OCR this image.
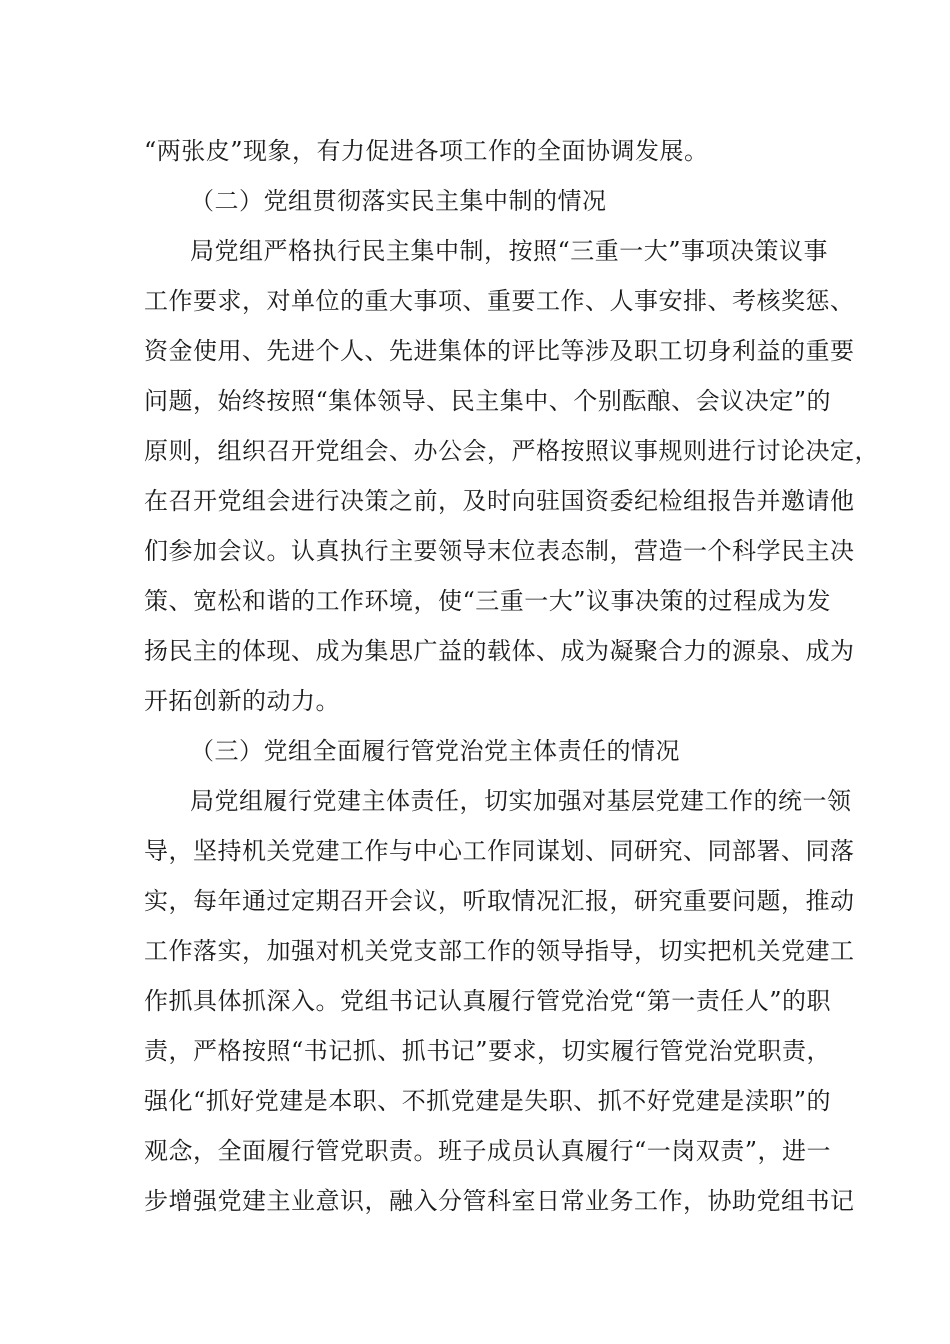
“两张皮”现象，有力促进各项工作的全面协调发展。
（二）党组贯彻落实民主集中制的情况
局党组严格执行民主集中制，按照“三重一大”事项决策议事
工作要求，对单位的重大事项、重要工作、人事安排、考核奖惩、
资金使用、先进个人、先进集体的评比等涉及职工切身利益的重要
问题，始终按照“集体领导、民主集中、个别酝酿、会议决定”的
原则，组织召开党组会、办公会，严格按照议事规则进行讨论决定，
在召开党组会进行决策之前，及时向驻国资委纪检组报告并邀请他
们参加会议。认真执行主要领导末位表态制，营造一个科学民主决
策、宽松和谐的工作环境，使“三重一大”议事决策的过程成为发
扬民主的体现、成为集思广益的载体、成为凝聚合力的源泉、成为
开拓创新的动力。
（三）党组全面履行管党治党主体责任的情况
局党组履行党建主体责任，切实加强对基层党建工作的统一领
导，坚持机关党建工作与中心工作同谋划、同研究、同部署、同落
实，每年通过定期召开会议，听取情况汇报，研究重要问题，推动
工作落实，加强对机关党支部工作的领导指导，切实把机关党建工
作抓具体抓深入。党组书记认真履行管党治党“第一责任人”的职
责，严格按照“书记抓、抓书记”要求，切实履行管党治党职责，
强化“抓好党建是本职、不抓党建是失职、抓不好党建是渎职”的
观念，全面履行管党职责。班子成员认真履行“一岗双责”，进一
步增强党建主业意识，融入分管科室日常业务工作，协助党组书记
